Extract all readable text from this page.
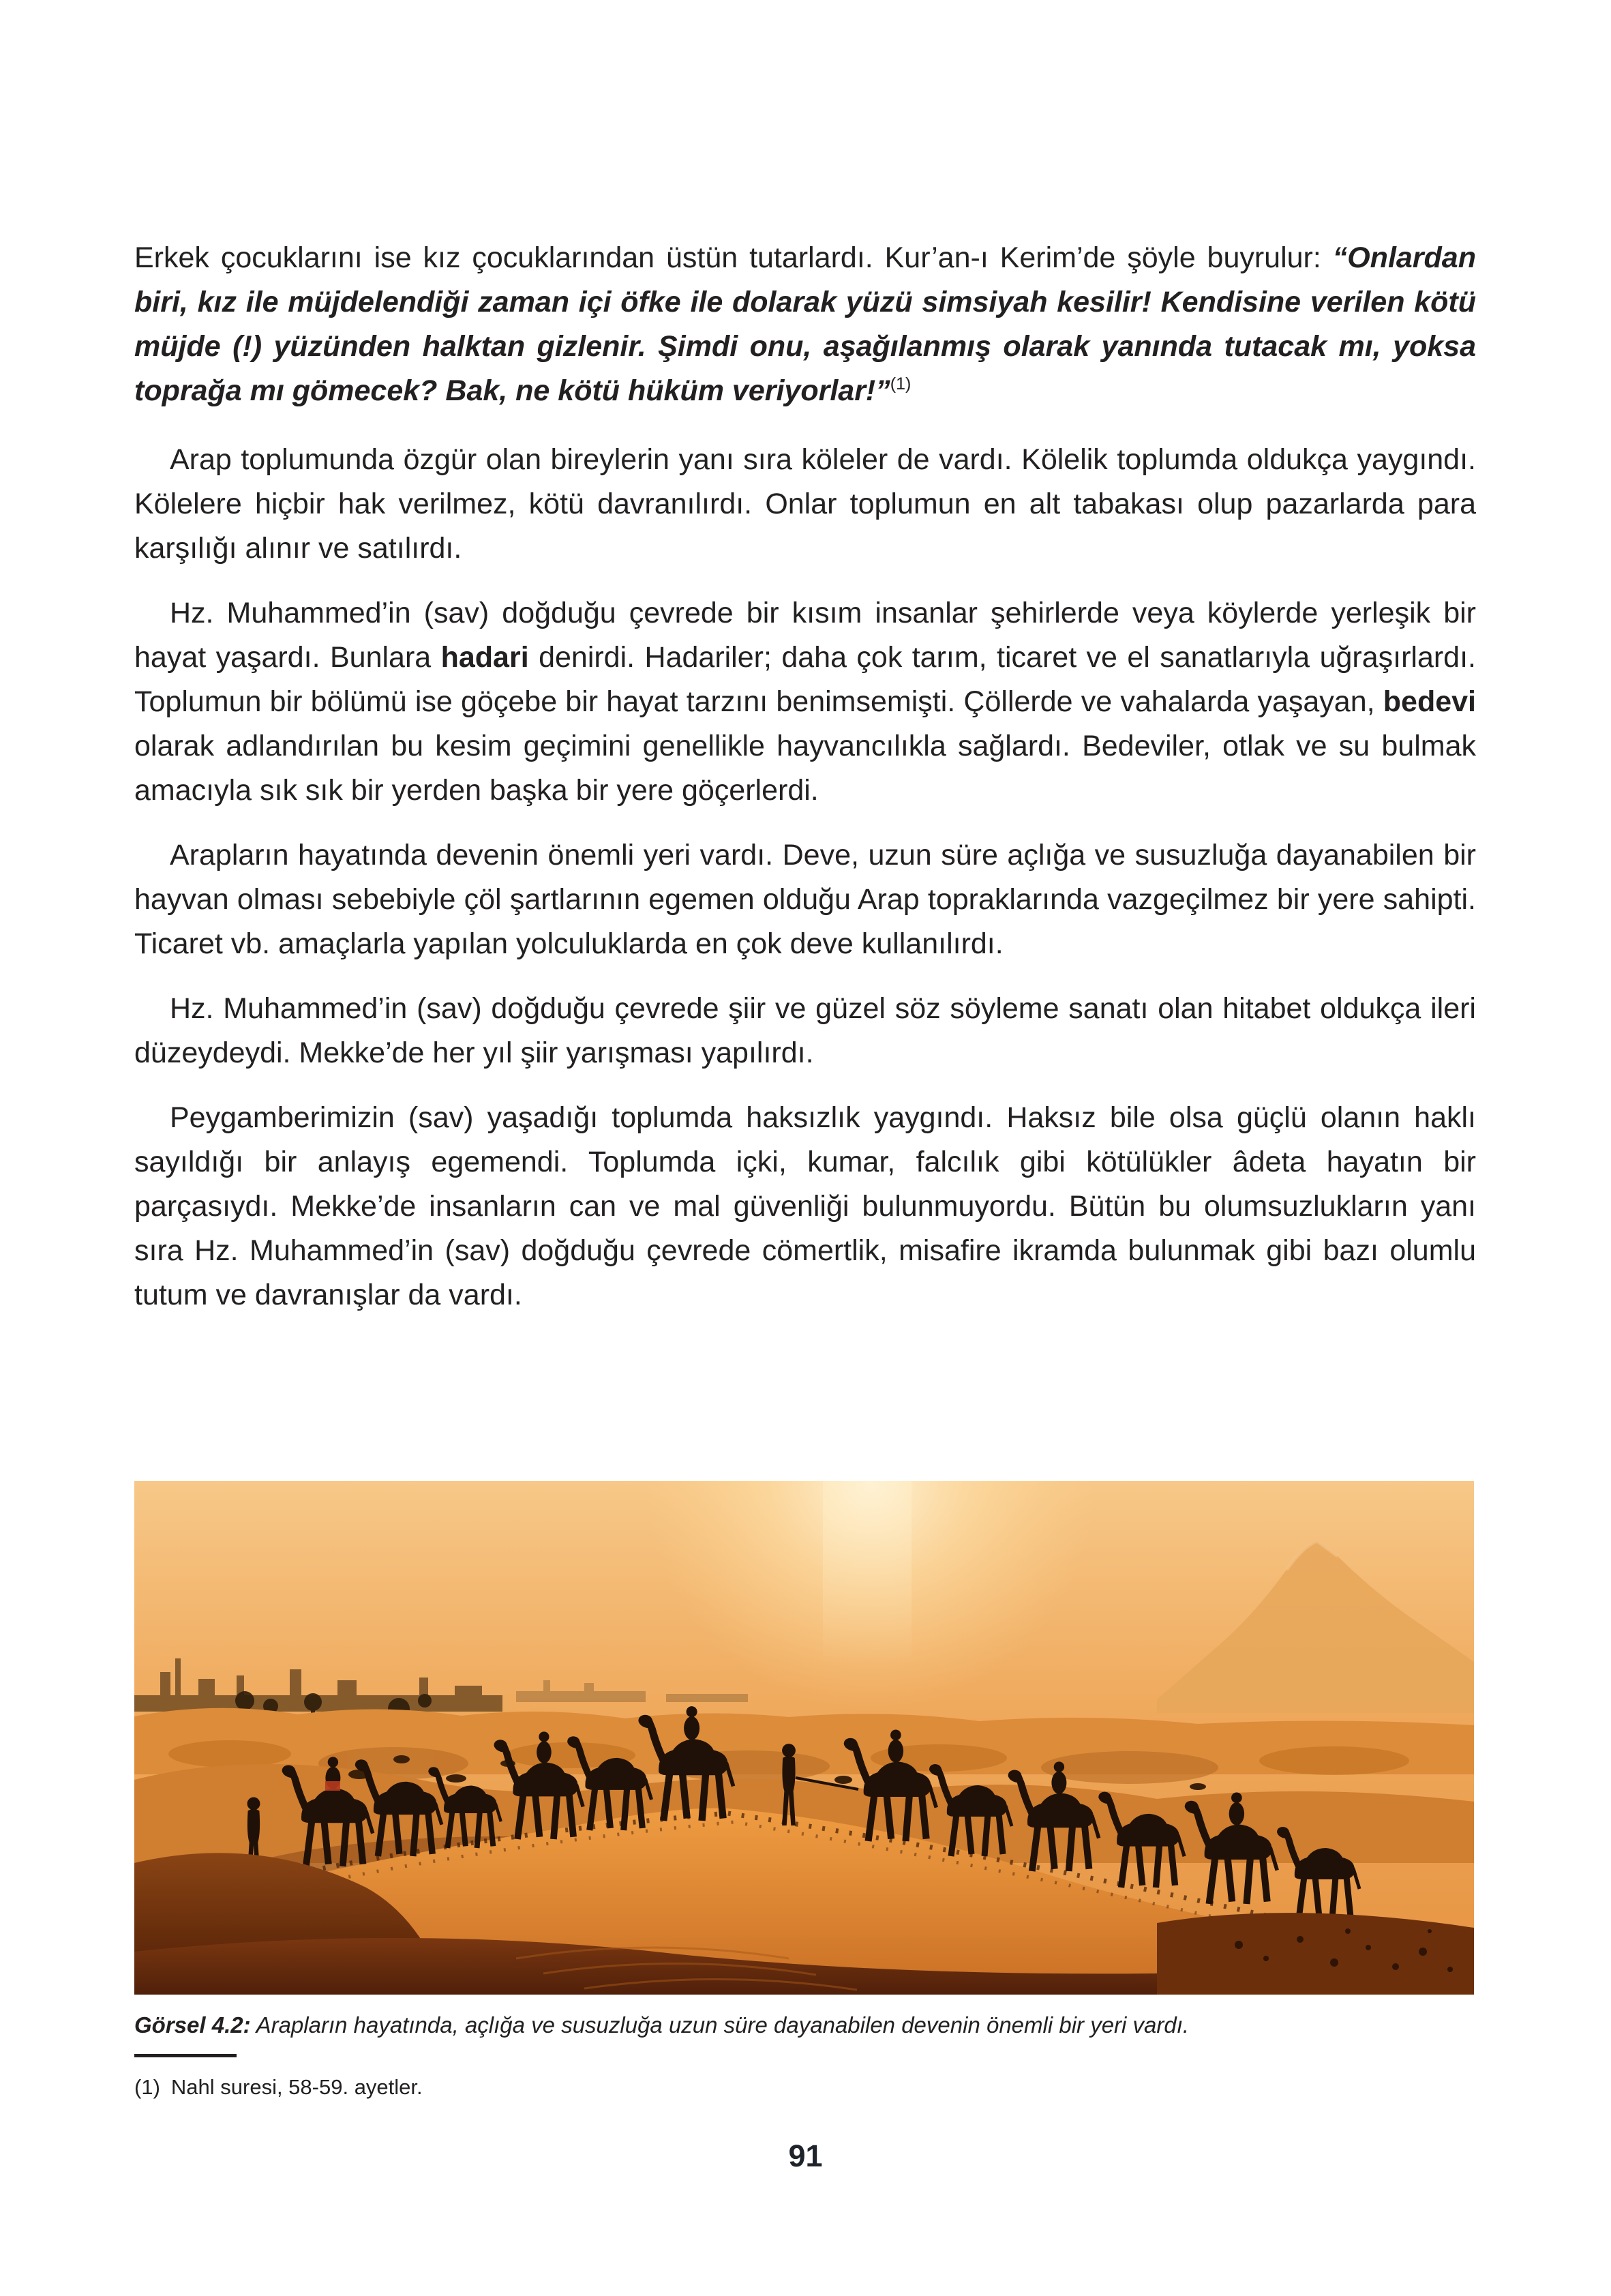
Erkek çocuklarını ise kız çocuklarından üstün tutarlardı. Kur’an-ı Kerim’de şöyle buyrulur: “Onlardan biri, kız ile müjdelendiği zaman içi öfke ile dolarak yüzü simsiyah kesilir! Kendisine verilen kötü müjde (!) yüzünden halktan gizlenir. Şimdi onu, aşağılanmış olarak yanında tutacak mı, yoksa toprağa mı gömecek? Bak, ne kötü hüküm veriyorlar!”$^{(1)}$

Arap toplumunda özgür olan bireylerin yanı sıra köleler de vardı. Kölelik toplumda oldukça yaygındı. Kölelere hiçbir hak verilmez, kötü davranılırdı. Onlar toplumun en alt tabakası olup pazarlarda para karşılığı alınır ve satılırdı.

Hz. Muhammed’in (sav) doğduğu çevrede bir kısım insanlar şehirlerde veya köylerde yerleşik bir hayat yaşardı. Bunlara hadari denirdi. Hadariler; daha çok tarım, ticaret ve el sanatlarıyla uğraşırlardı. Toplumun bir bölümü ise göçebe bir hayat tarzını benimsemişti. Çöllerde ve vahalarda yaşayan, bedevi olarak adlandırılan bu kesim geçimini genellikle hayvancılıkla sağlardı. Bedeviler, otlak ve su bulmak amacıyla sık sık bir yerden başka bir yere göçerlerdi.

Arapların hayatında devenin önemli yeri vardı. Deve, uzun süre açlığa ve susuzluğa dayanabilen bir hayvan olması sebebiyle çöl şartlarının egemen olduğu Arap topraklarında vazgeçilmez bir yere sahipti. Ticaret vb. amaçlarla yapılan yolculuklarda en çok deve kullanılırdı.

Hz. Muhammed’in (sav) doğduğu çevrede şiir ve güzel söz söyleme sanatı olan hitabet oldukça ileri düzeydeydi. Mekke’de her yıl şiir yarışması yapılırdı.

Peygamberimizin (sav) yaşadığı toplumda haksızlık yaygındı. Haksız bile olsa güçlü olanın haklı sayıldığı bir anlayış egemendi. Toplumda içki, kumar, falcılık gibi kötülükler âdeta hayatın bir parçasıydı. Mekke’de insanların can ve mal güvenliği bulunmuyordu. Bütün bu olumsuzlukların yanı sıra Hz. Muhammed’in (sav) doğduğu çevrede cömertlik, misafire ikramda bulunmak gibi bazı olumlu tutum ve davranışlar da vardı.

Görsel 4.2: Arapların hayatında, açlığa ve susuzluğa uzun süre dayanabilen devenin önemli bir yeri vardı.
(1) Nahl suresi, 58-59. ayetler.
91
